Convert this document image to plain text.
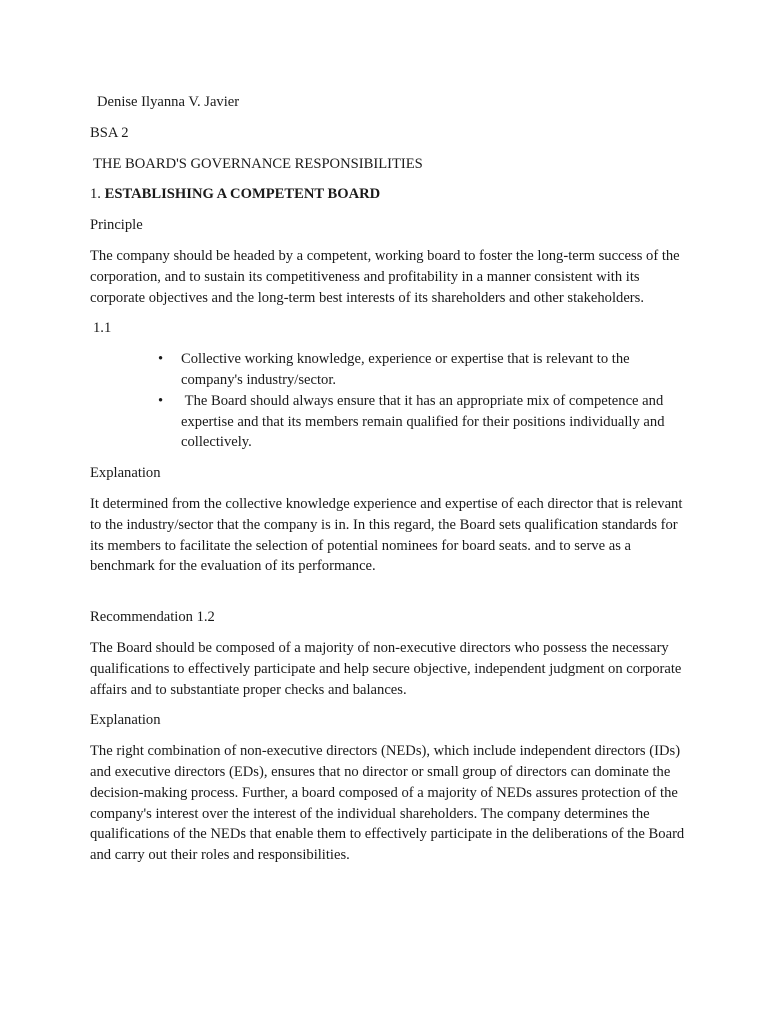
Denise Ilyanna V. Javier

BSA 2

THE BOARD'S GOVERNANCE RESPONSIBILITIES

1. ESTABLISHING A COMPETENT BOARD

Principle

The company should be headed by a competent, working board to foster the long-term success of the corporation, and to sustain its competitiveness and profitability in a manner consistent with its corporate objectives and the long-term best interests of its shareholders and other stakeholders.

1.1

• Collective working knowledge, experience or expertise that is relevant to the company's industry/sector.
• The Board should always ensure that it has an appropriate mix of competence and expertise and that its members remain qualified for their positions individually and collectively.

Explanation

It determined from the collective knowledge experience and expertise of each director that is relevant to the industry/sector that the company is in. In this regard, the Board sets qualification standards for its members to facilitate the selection of potential nominees for board seats. and to serve as a benchmark for the evaluation of its performance.

Recommendation 1.2

The Board should be composed of a majority of non-executive directors who possess the necessary qualifications to effectively participate and help secure objective, independent judgment on corporate affairs and to substantiate proper checks and balances.

Explanation

The right combination of non-executive directors (NEDs), which include independent directors (IDs) and executive directors (EDs), ensures that no director or small group of directors can dominate the decision-making process. Further, a board composed of a majority of NEDs assures protection of the company's interest over the interest of the individual shareholders. The company determines the qualifications of the NEDs that enable them to effectively participate in the deliberations of the Board and carry out their roles and responsibilities.
